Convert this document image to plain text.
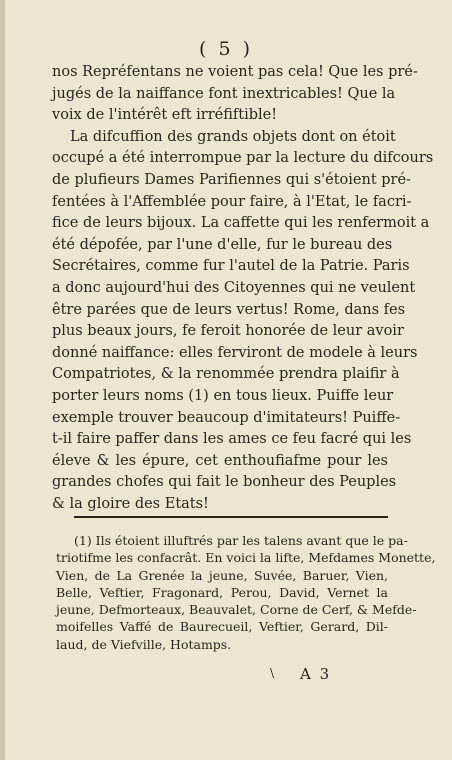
( 5 )
nos Repréfentans ne voient pas cela! Que les pré-
jugés de la naiffance font inextricables! Que la
voix de l'intérêt eft irréfiftible!
La difcuffion des grands objets dont on étoit
occupé a été interrompue par la lecture du difcours
de plufieurs Dames Parifiennes qui s'étoient pré-
fentées à l'Affemblée pour faire, à l'Etat, le facri-
fice de leurs bijoux. La caffette qui les renfermoit a
été dépofée, par l'une d'elle, fur le bureau des
Secrétaires, comme fur l'autel de la Patrie. Paris
a donc aujourd'hui des Citoyennes qui ne veulent
être parées que de leurs vertus! Rome, dans fes
plus beaux jours, fe feroit honorée de leur avoir
donné naiffance: elles ferviront de modele à leurs
Compatriotes, & la renommée prendra plaifir à
porter leurs noms (1) en tous lieux. Puiffe leur
exemple trouver beaucoup d'imitateurs! Puiffe-
t-il faire paffer dans les ames ce feu facré qui les
éleve & les épure, cet enthoufiafme pour les
grandes chofes qui fait le bonheur des Peuples
& la gloire des Etats!
(1) Ils étoient illuftrés par les talens avant que le pa-
triotifme les confacrât. En voici la lifte, Mefdames Monette,
Vien, de La Grenée la jeune, Suvée, Baruer, Vien,
Belle, Veftier, Fragonard, Perou, David, Vernet la
jeune, Defmorteaux, Beauvalet, Corne de Cerf, & Mefde-
moifelles Vaffé de Baurecueil, Veftier, Gerard, Dil-
laud, de Viefville, Hotamps.
\ A 3
